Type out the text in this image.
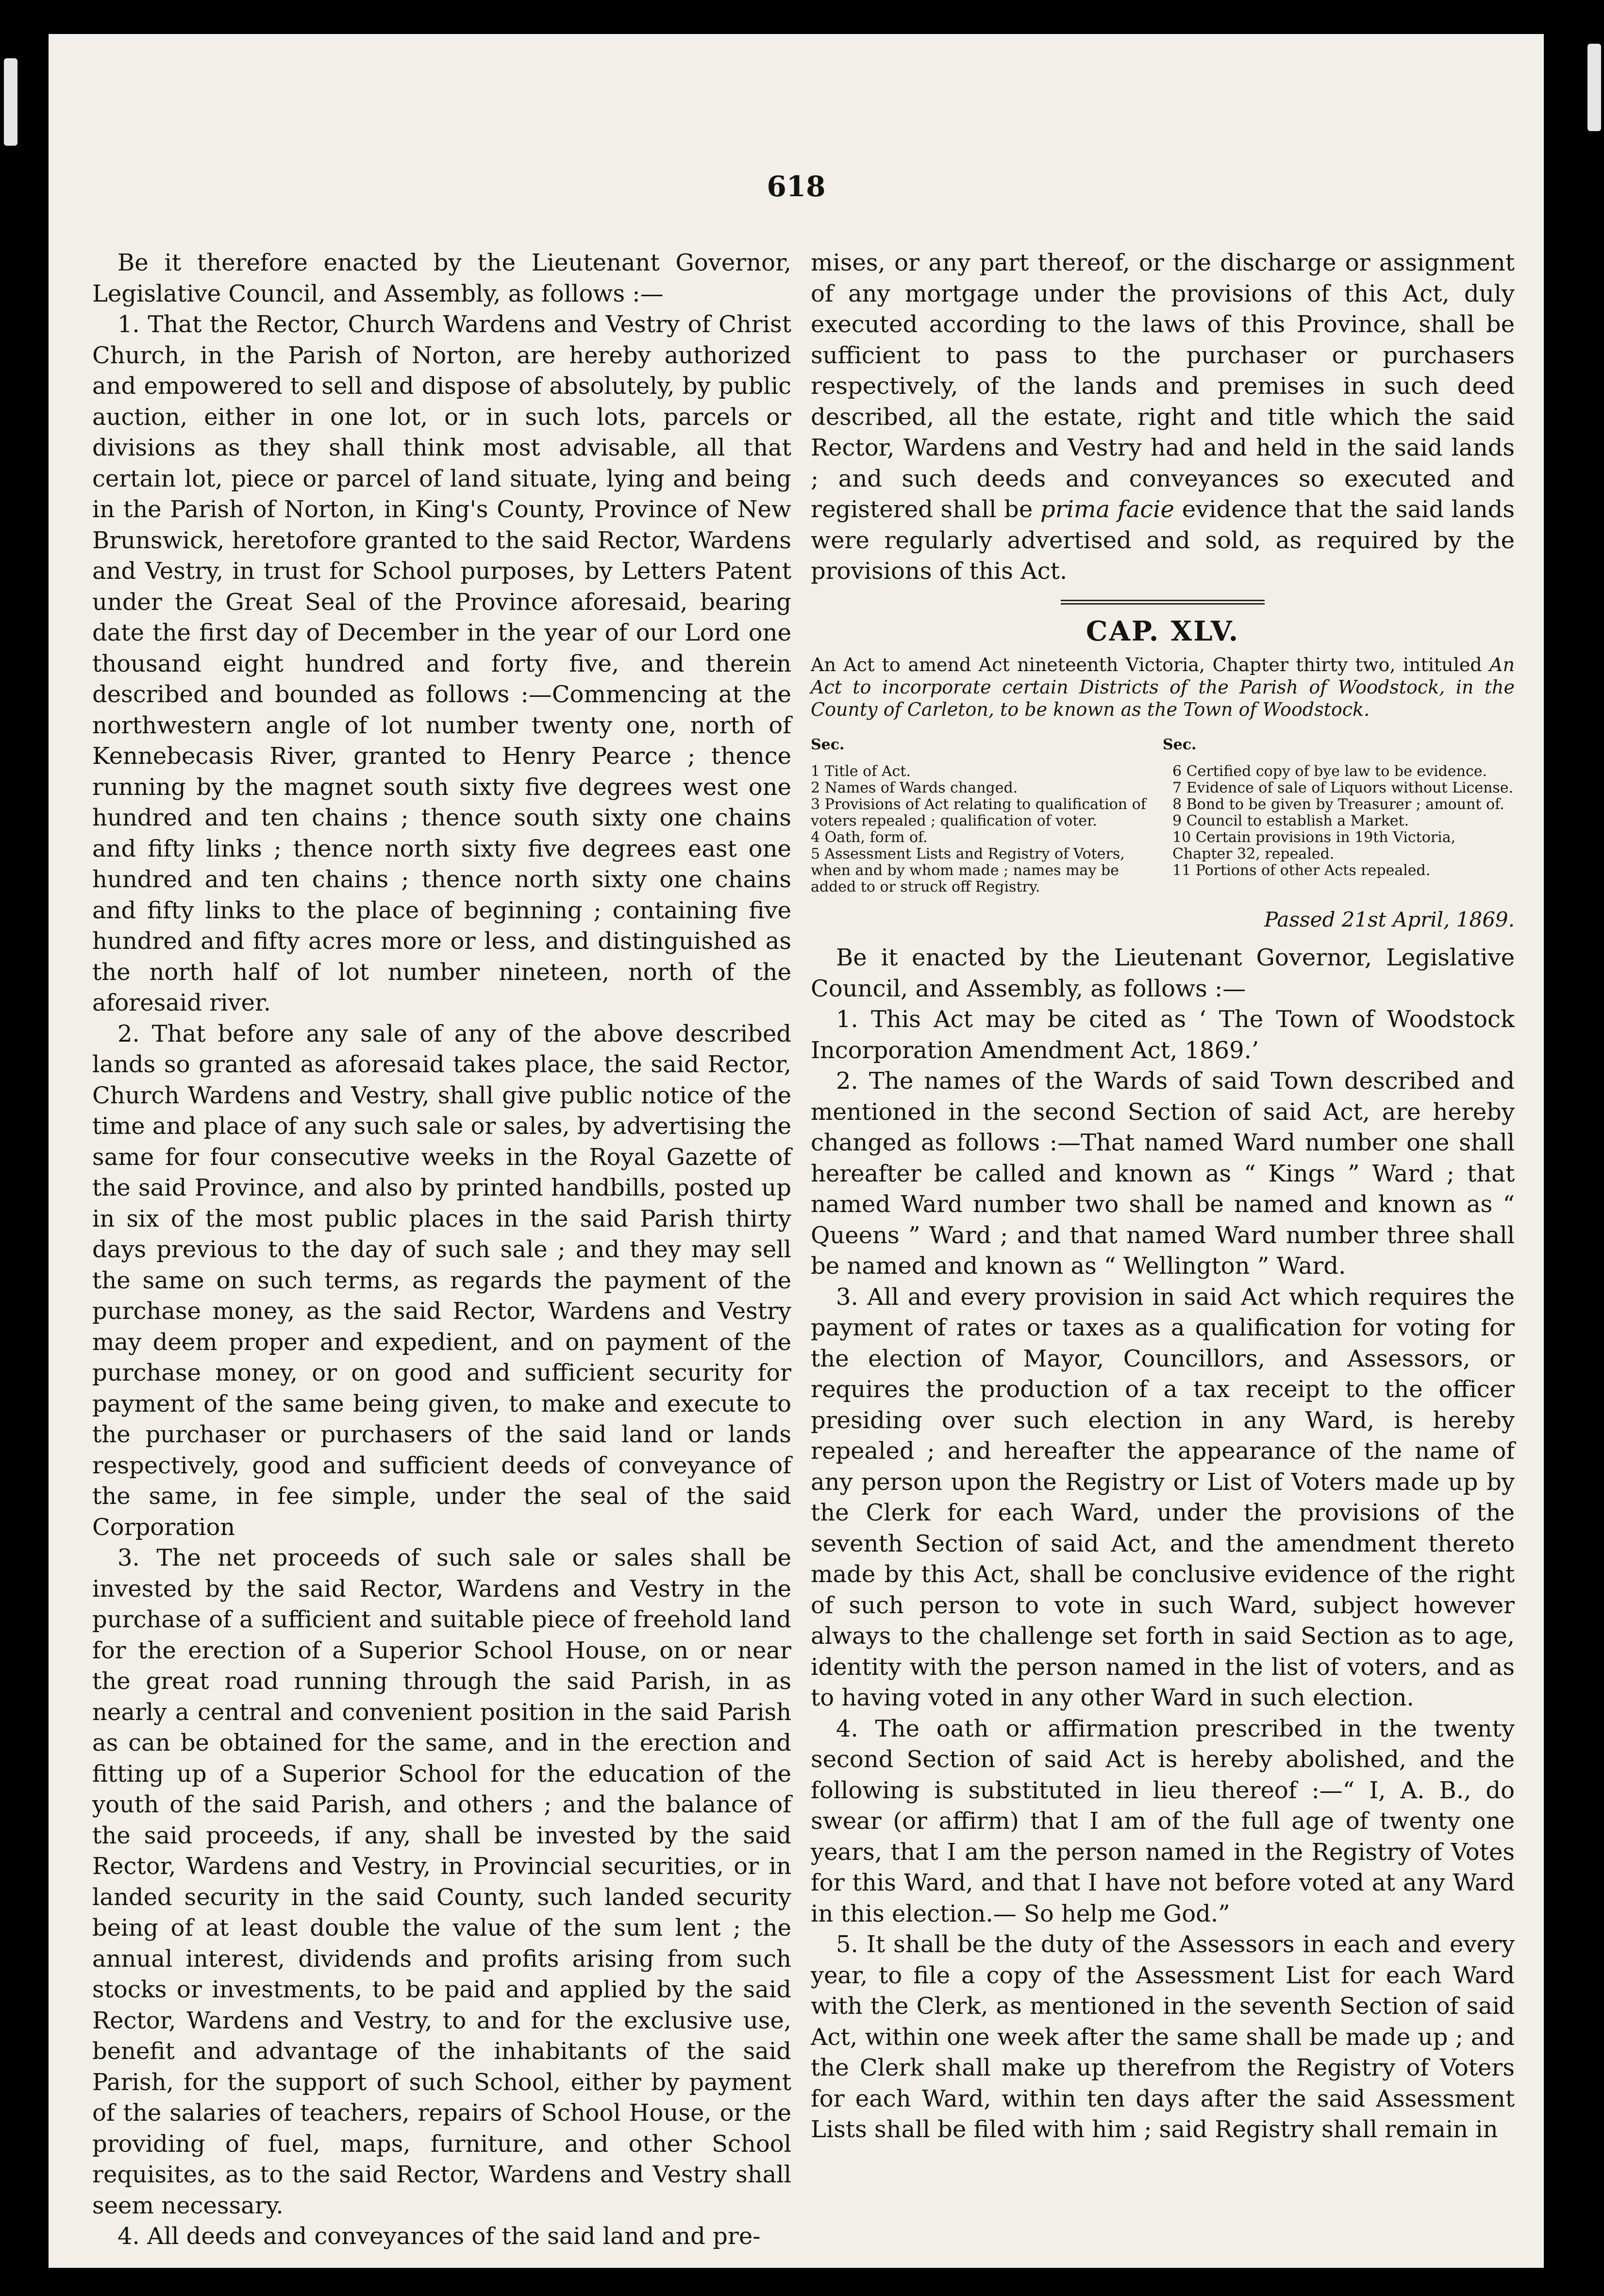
618

Be it therefore enacted by the Lieutenant Governor, Legislative Council, and Assembly, as follows :—

1. That the Rector, Church Wardens and Vestry of Christ Church, in the Parish of Norton, are hereby authorized and empowered to sell and dispose of absolutely, by public auction, either in one lot, or in such lots, parcels or divisions as they shall think most advisable, all that certain lot, piece or parcel of land situate, lying and being in the Parish of Norton, in King's County, Province of New Brunswick, heretofore granted to the said Rector, Wardens and Vestry, in trust for School purposes, by Letters Patent under the Great Seal of the Province aforesaid, bearing date the first day of December in the year of our Lord one thousand eight hundred and forty five, and therein described and bounded as follows :—Commencing at the northwestern angle of lot number twenty one, north of Kennebecasis River, granted to Henry Pearce ; thence running by the magnet south sixty five degrees west one hundred and ten chains ; thence south sixty one chains and fifty links ; thence north sixty five degrees east one hundred and ten chains ; thence north sixty one chains and fifty links to the place of beginning ; containing five hundred and fifty acres more or less, and distinguished as the north half of lot number nineteen, north of the aforesaid river.

2. That before any sale of any of the above described lands so granted as aforesaid takes place, the said Rector, Church Wardens and Vestry, shall give public notice of the time and place of any such sale or sales, by advertising the same for four consecutive weeks in the Royal Gazette of the said Province, and also by printed handbills, posted up in six of the most public places in the said Parish thirty days previous to the day of such sale ; and they may sell the same on such terms, as regards the payment of the purchase money, as the said Rector, Wardens and Vestry may deem proper and expedient, and on payment of the purchase money, or on good and sufficient security for payment of the same being given, to make and execute to the purchaser or purchasers of the said land or lands respectively, good and sufficient deeds of conveyance of the same, in fee simple, under the seal of the said Corporation

3. The net proceeds of such sale or sales shall be invested by the said Rector, Wardens and Vestry in the purchase of a sufficient and suitable piece of freehold land for the erection of a Superior School House, on or near the great road running through the said Parish, in as nearly a central and convenient position in the said Parish as can be obtained for the same, and in the erection and fitting up of a Superior School for the education of the youth of the said Parish, and others ; and the balance of the said proceeds, if any, shall be invested by the said Rector, Wardens and Vestry, in Provincial securities, or in landed security in the said County, such landed security being of at least double the value of the sum lent ; the annual interest, dividends and profits arising from such stocks or investments, to be paid and applied by the said Rector, Wardens and Vestry, to and for the exclusive use, benefit and advantage of the inhabitants of the said Parish, for the support of such School, either by payment of the salaries of teachers, repairs of School House, or the providing of fuel, maps, furniture, and other School requisites, as to the said Rector, Wardens and Vestry shall seem necessary.

4. All deeds and conveyances of the said land and pre-

mises, or any part thereof, or the discharge or assignment of any mortgage under the provisions of this Act, duly executed according to the laws of this Province, shall be sufficient to pass to the purchaser or purchasers respectively, of the lands and premises in such deed described, all the estate, right and title which the said Rector, Wardens and Vestry had and held in the said lands ; and such deeds and conveyances so executed and registered shall be prima facie evidence that the said lands were regularly advertised and sold, as required by the provisions of this Act.

CAP. XLV.
An Act to amend Act nineteenth Victoria, Chapter thirty two, intituled An Act to incorporate certain Districts of the Parish of Woodstock, in the County of Carleton, to be known as the Town of Woodstock.
Sec.	Sec.
1 Title of Act.
2 Names of Wards changed.
3 Provisions of Act relating to qualification of voters repealed ; qualification of voter.
4 Oath, form of.
5 Assessment Lists and Registry of Voters, when and by whom made ; names may be added to or struck off Registry.
6 Certified copy of bye law to be evidence.
7 Evidence of sale of Liquors without License.
8 Bond to be given by Treasurer ; amount of.
9 Council to establish a Market.
10 Certain provisions in 19th Victoria, Chapter 32, repealed.
11 Portions of other Acts repealed.
Passed 21st April, 1869.

Be it enacted by the Lieutenant Governor, Legislative Council, and Assembly, as follows :—

1. This Act may be cited as ‘ The Town of Woodstock Incorporation Amendment Act, 1869.’

2. The names of the Wards of said Town described and mentioned in the second Section of said Act, are hereby changed as follows :—That named Ward number one shall hereafter be called and known as “ Kings ” Ward ; that named Ward number two shall be named and known as “ Queens ” Ward ; and that named Ward number three shall be named and known as “ Wellington ” Ward.

3. All and every provision in said Act which requires the payment of rates or taxes as a qualification for voting for the election of Mayor, Councillors, and Assessors, or requires the production of a tax receipt to the officer presiding over such election in any Ward, is hereby repealed ; and hereafter the appearance of the name of any person upon the Registry or List of Voters made up by the Clerk for each Ward, under the provisions of the seventh Section of said Act, and the amendment thereto made by this Act, shall be conclusive evidence of the right of such person to vote in such Ward, subject however always to the challenge set forth in said Section as to age, identity with the person named in the list of voters, and as to having voted in any other Ward in such election.

4. The oath or affirmation prescribed in the twenty second Section of said Act is hereby abolished, and the following is substituted in lieu thereof :—“ I, A. B., do swear (or affirm) that I am of the full age of twenty one years, that I am the person named in the Registry of Votes for this Ward, and that I have not before voted at any Ward in this election.— So help me God.”

5. It shall be the duty of the Assessors in each and every year, to file a copy of the Assessment List for each Ward with the Clerk, as mentioned in the seventh Section of said Act, within one week after the same shall be made up ; and the Clerk shall make up therefrom the Registry of Voters for each Ward, within ten days after the said Assessment Lists shall be filed with him ; said Registry shall remain in
